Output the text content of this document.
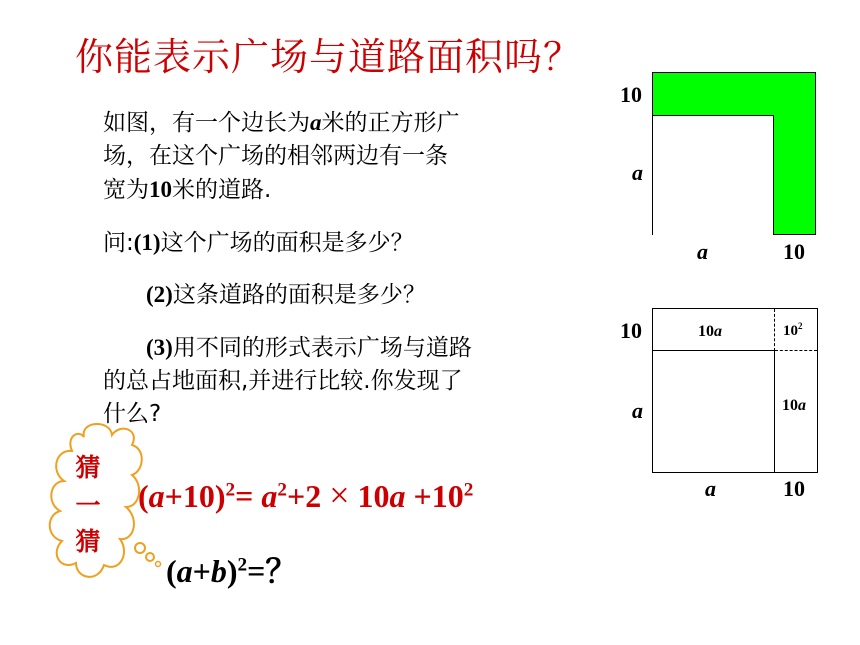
你能表示广场与道路面积吗？
如图，有一个边长为a米的正方形广
场，在这个广场的相邻两边有一条
宽为10米的道路.
问:(1)这个广场的面积是多少？
(2)这条道路的面积是多少？
(3)用不同的形式表示广场与道路
的总占地面积,并进行比较.你发现了
什么?
猜
一
猜
$(a+10)^2= a^2+2 \times 10a +10^2$
$(a+b)^2=$？
10
a
a	10
10
a
a	10
10a	$10^2$
10a
